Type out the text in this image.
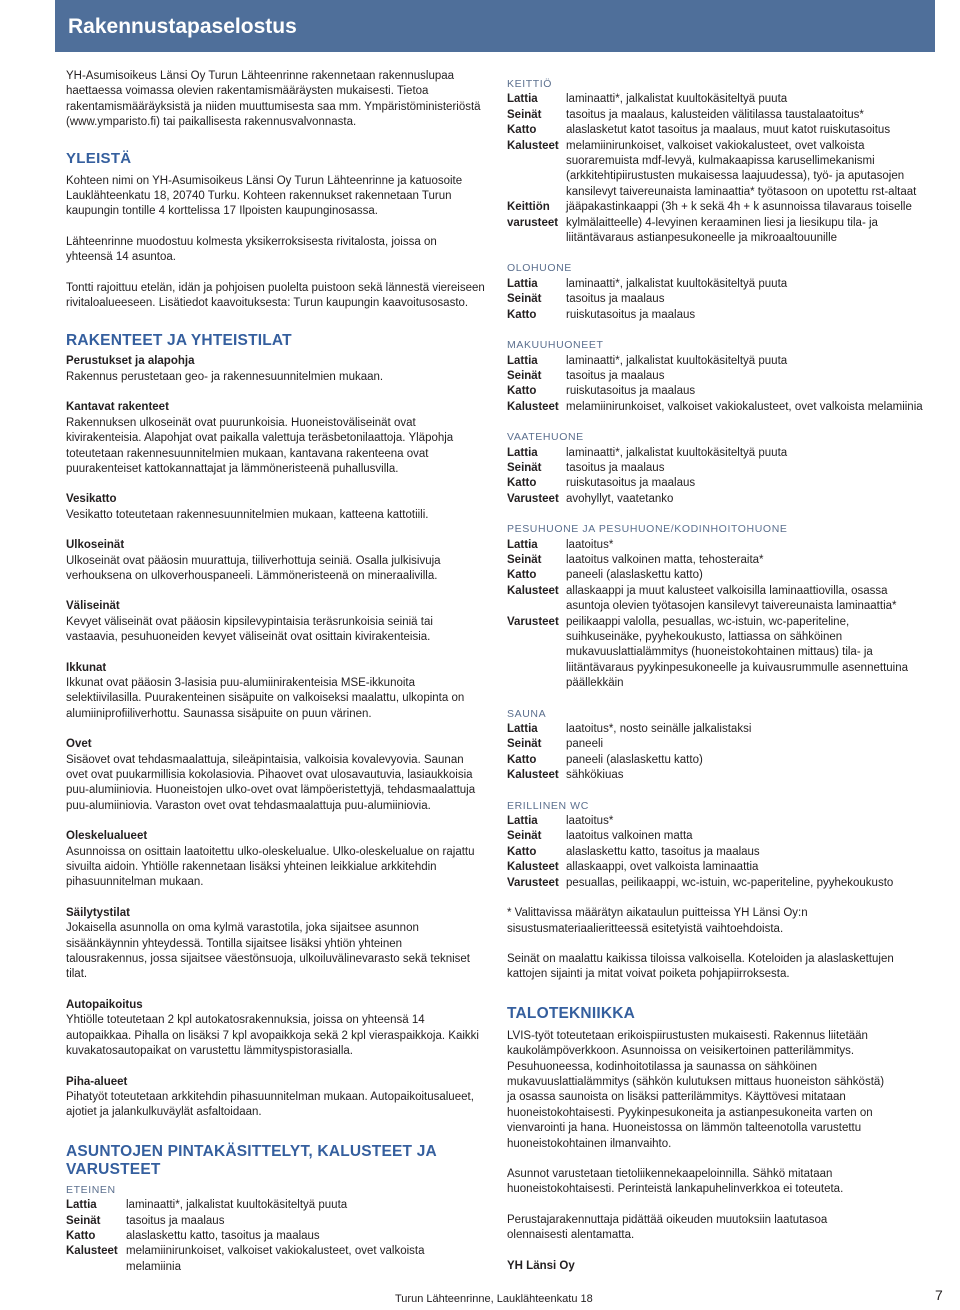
Rakennustapaselostus

YH-Asumisoikeus Länsi Oy Turun Lähteenrinne rakennetaan rakennuslupaa haettaessa voimassa olevien rakentamismääräysten mukaisesti. Tietoa rakentamismääräyksistä ja niiden muuttumisesta saa mm. Ympäristöministeriöstä (www.ymparisto.fi) tai paikallisesta rakennusvalvonnasta.

YLEISTÄ

Kohteen nimi on YH-Asumisoikeus Länsi Oy Turun Lähteenrinne ja katuosoite Lauklähteenkatu 18, 20740 Turku. Kohteen rakennukset rakennetaan Turun kaupungin tontille 4 korttelissa 17 Ilpoisten kaupunginosassa.

Lähteenrinne muodostuu kolmesta yksikerroksisesta rivitalosta, joissa on yhteensä 14 asuntoa.

Tontti rajoittuu etelän, idän ja pohjoisen puolelta puistoon sekä lännestä viereiseen rivitaloalueeseen. Lisätiedot kaavoituksesta: Turun kaupungin kaavoitusosasto.

RAKENTEET JA YHTEISTILAT

Perustukset ja alapohja

Rakennus perustetaan geo- ja rakennesuunnitelmien mukaan.

Kantavat rakenteet

Rakennuksen ulkoseinät ovat puurunkoisia. Huoneistoväliseinät ovat kivirakenteisia. Alapohjat ovat paikalla valettuja teräsbetonilaattoja. Yläpohja toteutetaan rakennesuunnitelmien mukaan, kantavana rakenteena ovat puurakenteiset kattokannattajat ja lämmöneristeenä puhallusvilla.

Vesikatto

Vesikatto toteutetaan rakennesuunnitelmien mukaan, katteena kattotiili.

Ulkoseinät

Ulkoseinät ovat pääosin muurattuja, tiiliverhottuja seiniä. Osalla julkisivuja verhouksena on ulkoverhouspaneeli. Lämmöneristeenä on mineraalivilla.

Väliseinät

Kevyet väliseinät ovat pääosin kipsilevypintaisia teräsrunkoisia seiniä tai vastaavia, pesuhuoneiden kevyet väliseinät ovat osittain kivirakenteisia.

Ikkunat

Ikkunat ovat pääosin 3-lasisia puu-alumiinirakenteisia MSE-ikkunoita selektiivilasilla. Puurakenteinen sisäpuite on valkoiseksi maalattu, ulkopinta on alumiiniprofiiliverhottu. Saunassa sisäpuite on puun värinen.

Ovet

Sisäovet ovat tehdasmaalattuja, sileäpintaisia, valkoisia kovalevyovia. Saunan ovet ovat puukarmillisia kokolasiovia. Pihaovet ovat ulosavautuvia, lasiaukkoisia puu-alumiiniovia. Huoneistojen ulko-ovet ovat lämpöeristettyjä, tehdasmaalattuja puu-alumiiniovia. Varaston ovet ovat tehdasmaalattuja puu-alumiiniovia.

Oleskelualueet

Asunnoissa on osittain laatoitettu ulko-oleskelualue. Ulko-oleskelualue on rajattu sivuilta aidoin. Yhtiölle rakennetaan lisäksi yhteinen leikkialue arkkitehdin pihasuunnitelman mukaan.

Säilytystilat

Jokaisella asunnolla on oma kylmä varastotila, joka sijaitsee asunnon sisäänkäynnin yhteydessä. Tontilla sijaitsee lisäksi yhtiön yhteinen talousrakennus, jossa sijaitsee väestönsuoja, ulkoiluvälinevarasto sekä tekniset tilat.

Autopaikoitus

Yhtiölle toteutetaan 2 kpl autokatosrakennuksia, joissa on yhteensä 14 autopaikkaa. Pihalla on lisäksi 7 kpl avopaikkoja sekä 2 kpl vieraspaikkoja. Kaikki kuvakatosautopaikat on varustettu lämmityspistorasialla.

Piha-alueet

Pihatyöt toteutetaan arkkitehdin pihasuunnitelman mukaan. Autopaikoitusalueet, ajotiet ja jalankulkuväylät asfaltoidaan.

ASUNTOJEN PINTAKÄSITTELYT, KALUSTEET JA VARUSTEET

ETEINEN

Lattia	laminaatti*, jalkalistat kuultokäsiteltyä puuta
Seinät	tasoitus ja maalaus
Katto	alaslaskettu katto, tasoitus ja maalaus
Kalusteet melamiinirunkoiset, valkoiset vakiokalusteet, ovet valkoista melamiinia

KEITTIÖ

Lattia	laminaatti*, jalkalistat kuultokäsiteltyä puuta
Seinät	tasoitus ja maalaus, kalusteiden välitilassa taustalaatoitus*
Katto	alaslasketut katot tasoitus ja maalaus, muut katot ruiskutasoitus
Kalusteet melamiinirunkoiset, valkoiset vakiokalusteet, ovet valkoista suoraremuista mdf-levyä, kulmakaapissa karusellimekanismi (arkkitehtipiirustusten mukaisessa laajuudessa), työ- ja aputasojen kansilevyt taivereunaista laminaattia* työtasoon on upotettu rst-altaat
Keittiön varusteet
jääpakastinkaappi (3h + k sekä 4h + k asunnoissa tilavaraus toiselle kylmälaitteelle) 4-levyinen keraaminen liesi ja liesikupu tila- ja liitäntävaraus astianpesukoneelle ja mikroaaltouunille

OLOHUONE

Lattia	laminaatti*, jalkalistat kuultokäsiteltyä puuta
Seinät	tasoitus ja maalaus
Katto	ruiskutasoitus ja maalaus

MAKUUHUONEET

Lattia	laminaatti*, jalkalistat kuultokäsiteltyä puuta
Seinät	tasoitus ja maalaus
Katto	ruiskutasoitus ja maalaus
Kalusteet melamiinirunkoiset, valkoiset vakiokalusteet, ovet valkoista melamiinia

VAATEHUONE

Lattia	laminaatti*, jalkalistat kuultokäsiteltyä puuta
Seinät	tasoitus ja maalaus
Katto	ruiskutasoitus ja maalaus
Varusteet avohyllyt, vaatetanko

PESUHUONE JA PESUHUONE/KODINHOITOHUONE

Lattia	laatoitus*
Seinät	laatoitus valkoinen matta, tehosteraita*
Katto	paneeli (alaslaskettu katto)
Kalusteet allaskaappi ja muut kalusteet valkoisilla laminaattiovilla, osassa asuntoja olevien työtasojen kansilevyt taivereunaista laminaattia*
Varusteet peilikaappi valolla, pesuallas, wc-istuin, wc-paperiteline, suihkuseinäke, pyyhekoukusto, lattiassa on sähköinen mukavuuslattialämmitys (huoneistokohtainen mittaus) tila- ja liitäntävaraus pyykinpesukoneelle ja kuivausrummulle asennettuina päällekkäin

SAUNA

Lattia	laatoitus*, nosto seinälle jalkalistaksi
Seinät	paneeli
Katto	paneeli (alaslaskettu katto)
Kalusteet sähkökiuas

ERILLINEN WC

Lattia	laatoitus*
Seinät	laatoitus valkoinen matta
Katto	alaslaskettu katto, tasoitus ja maalaus
Kalusteet allaskaappi, ovet valkoista laminaattia
Varusteet pesuallas, peilikaappi, wc-istuin, wc-paperiteline, pyyhekoukusto

* Valittavissa määrätyn aikataulun puitteissa YH Länsi Oy:n sisustusmateriaalieritteessä esitetyistä vaihtoehdoista.

Seinät on maalattu kaikissa tiloissa valkoisella. Koteloiden ja alaslaskettujen kattojen sijainti ja mitat voivat poiketa pohjapiirroksesta.

TALOTEKNIIKKA

LVIS-työt toteutetaan erikoispiirustusten mukaisesti. Rakennus liitetään kaukolämpöverkkoon. Asunnoissa on veisikertoinen patterilämmitys. Pesuhuoneessa, kodinhoitotilassa ja saunassa on sähköinen mukavuuslattialämmitys (sähkön kulutuksen mittaus huoneiston sähköstä) ja osassa saunoista on lisäksi patterilämmitys. Käyttövesi mitataan huoneistokohtaisesti. Pyykinpesukoneita ja astianpesukoneita varten on vienvarointi ja hana. Huoneistossa on lämmön talteenotolla varustettu huoneistokohtainen ilmanvaihto.

Asunnot varustetaan tietoliikennekaapeloinnilla. Sähkö mitataan huoneistokohtaisesti. Perinteistä lankapuhelinverkkoa ei toteuteta.

Perustajarakennuttaja pidättää oikeuden muutoksiin laatutasoa olennaisesti alentamatta.

YH Länsi Oy

Turun Lähteenrinne, Lauklähteenkatu 18	7
